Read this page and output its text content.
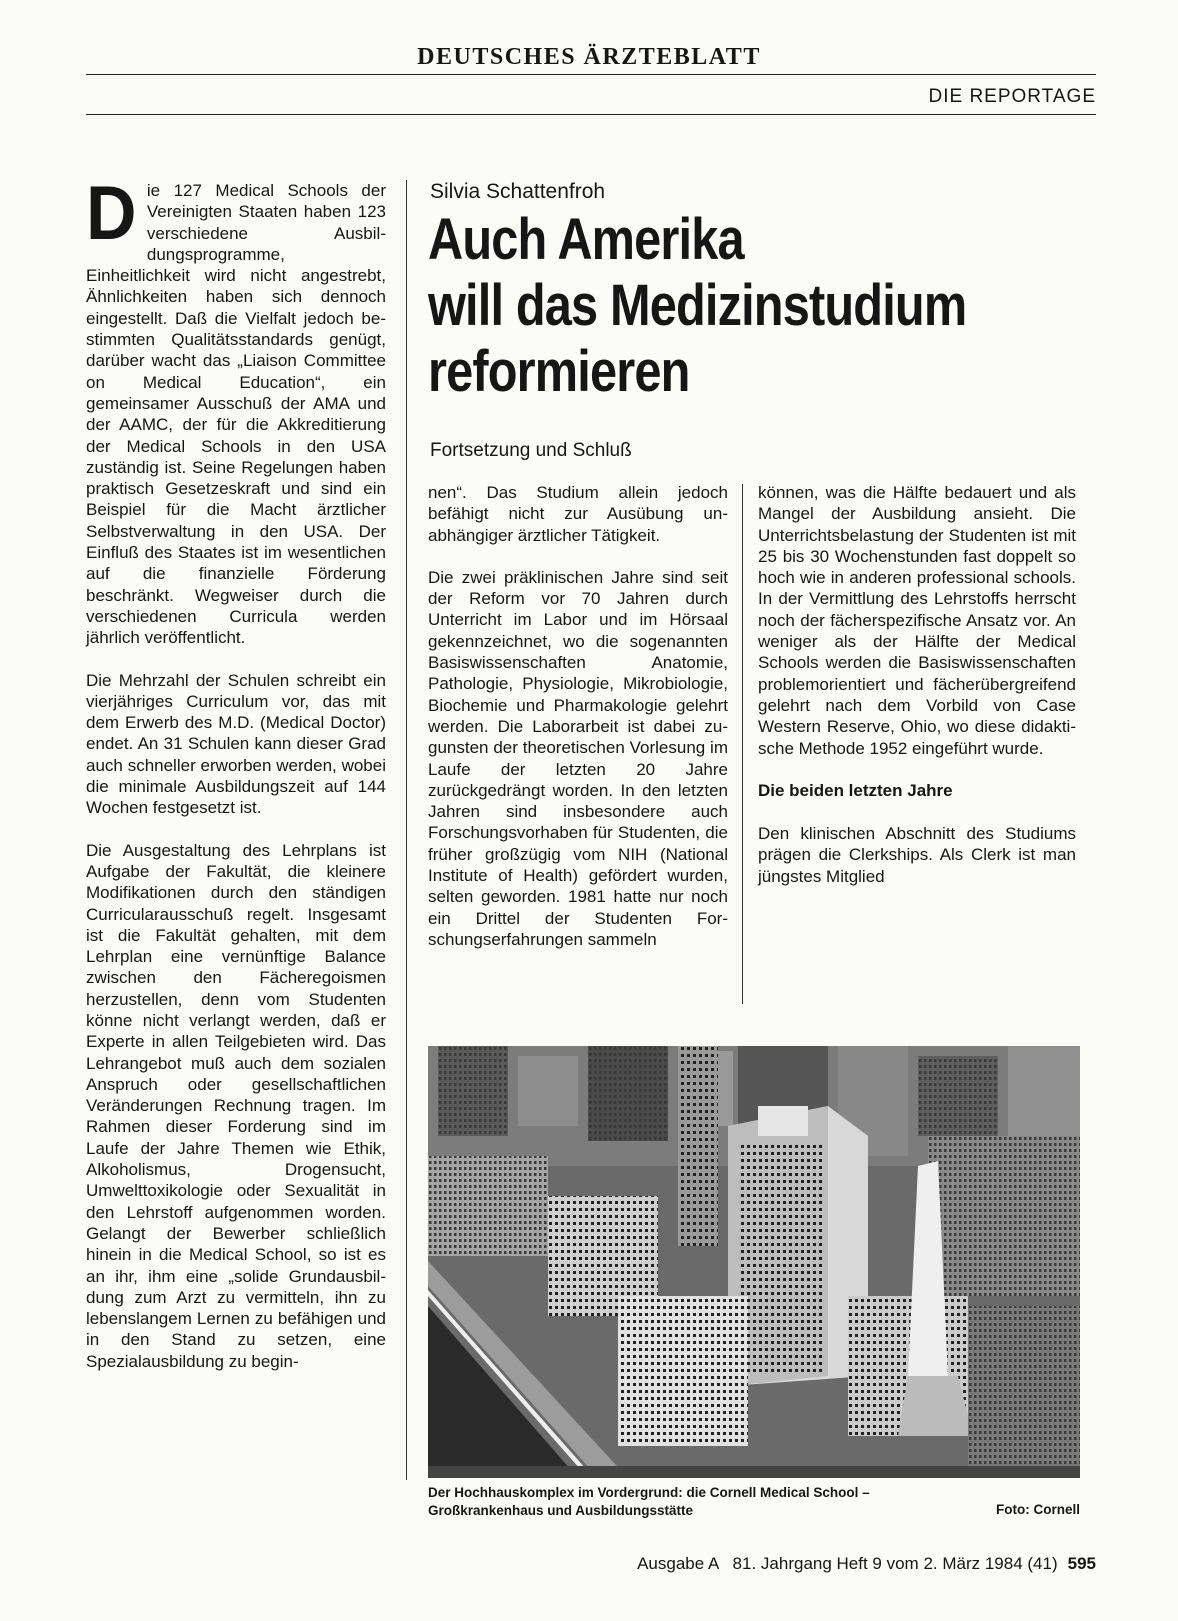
DEUTSCHES ÄRZTEBLATT
DIE REPORTAGE

Die 127 Medical Schools der Vereinigten Staaten haben 123 verschiedene Ausbildungsprogramme, Einheitlichkeit wird nicht angestrebt, Ähnlichkeiten haben sich dennoch eingestellt. Daß die Vielfalt jedoch bestimmten Qualitätsstandards genügt, darüber wacht das „Liaison Committee on Medical Education“, ein gemeinsamer Ausschuß der AMA und der AAMC, der für die Akkreditierung der Medical Schools in den USA zuständig ist. Seine Regelungen haben praktisch Gesetzeskraft und sind ein Beispiel für die Macht ärztlicher Selbstverwaltung in den USA. Der Einfluß des Staates ist im wesentlichen auf die finanzielle Förderung beschränkt. Wegweiser durch die verschiedenen Curricula werden jährlich veröffentlicht.

Die Mehrzahl der Schulen schreibt ein vierjähriges Curriculum vor, das mit dem Erwerb des M.D. (Medical Doctor) endet. An 31 Schulen kann dieser Grad auch schneller erworben werden, wobei die minimale Ausbildungszeit auf 144 Wochen festgesetzt ist.

Die Ausgestaltung des Lehrplans ist Aufgabe der Fakultät, die kleinere Modifikationen durch den ständigen Curricularausschuß regelt. Insgesamt ist die Fakultät gehalten, mit dem Lehrplan eine vernünftige Balance zwischen den Fächeregoismen herzustellen, denn vom Studenten könne nicht verlangt werden, daß er Experte in allen Teilgebieten wird. Das Lehrangebot muß auch dem sozialen Anspruch oder gesellschaftlichen Veränderungen Rechnung tragen. Im Rahmen dieser Forderung sind im Laufe der Jahre Themen wie Ethik, Alkoholismus, Drogensucht, Umwelttoxikologie oder Sexualität in den Lehrstoff aufgenommen worden. Gelangt der Bewerber schließlich hinein in die Medical School, so ist es an ihr, ihm eine „solide Grundausbildung zum Arzt zu vermitteln, ihn zu lebenslangem Lernen zu befähigen und in den Stand zu setzen, eine Spezialausbildung zu begin-

Silvia Schattenfroh
Auch Amerika
will das Medizinstudium
reformieren
Fortsetzung und Schluß

nen“. Das Studium allein jedoch befähigt nicht zur Ausübung unabhängiger ärztlicher Tätigkeit.

Die zwei präklinischen Jahre sind seit der Reform vor 70 Jahren durch Unterricht im Labor und im Hörsaal gekennzeichnet, wo die sogenannten Basiswissenschaften Anatomie, Pathologie, Physiologie, Mikrobiologie, Biochemie und Pharmakologie gelehrt werden. Die Laborarbeit ist dabei zugunsten der theoretischen Vorlesung im Laufe der letzten 20 Jahre zurückgedrängt worden. In den letzten Jahren sind insbesondere auch Forschungsvorhaben für Studenten, die früher großzügig vom NIH (National Institute of Health) gefördert wurden, selten geworden. 1981 hatte nur noch ein Drittel der Studenten Forschungserfahrungen sammeln

können, was die Hälfte bedauert und als Mangel der Ausbildung ansieht. Die Unterrichtsbelastung der Studenten ist mit 25 bis 30 Wochenstunden fast doppelt so hoch wie in anderen professional schools. In der Vermittlung des Lehrstoffs herrscht noch der fächerspezifische Ansatz vor. An weniger als der Hälfte der Medical Schools werden die Basiswissenschaften problemorientiert und fächerübergreifend gelehrt nach dem Vorbild von Case Western Reserve, Ohio, wo diese didaktische Methode 1952 eingeführt wurde.

Die beiden letzten Jahre

Den klinischen Abschnitt des Studiums prägen die Clerkships. Als Clerk ist man jüngstes Mitglied

Der Hochhauskomplex im Vordergrund: die Cornell Medical School – Großkrankenhaus und Ausbildungsstätte	Foto: Cornell
Ausgabe A   81. Jahrgang Heft 9 vom 2. März 1984 (41) 595
